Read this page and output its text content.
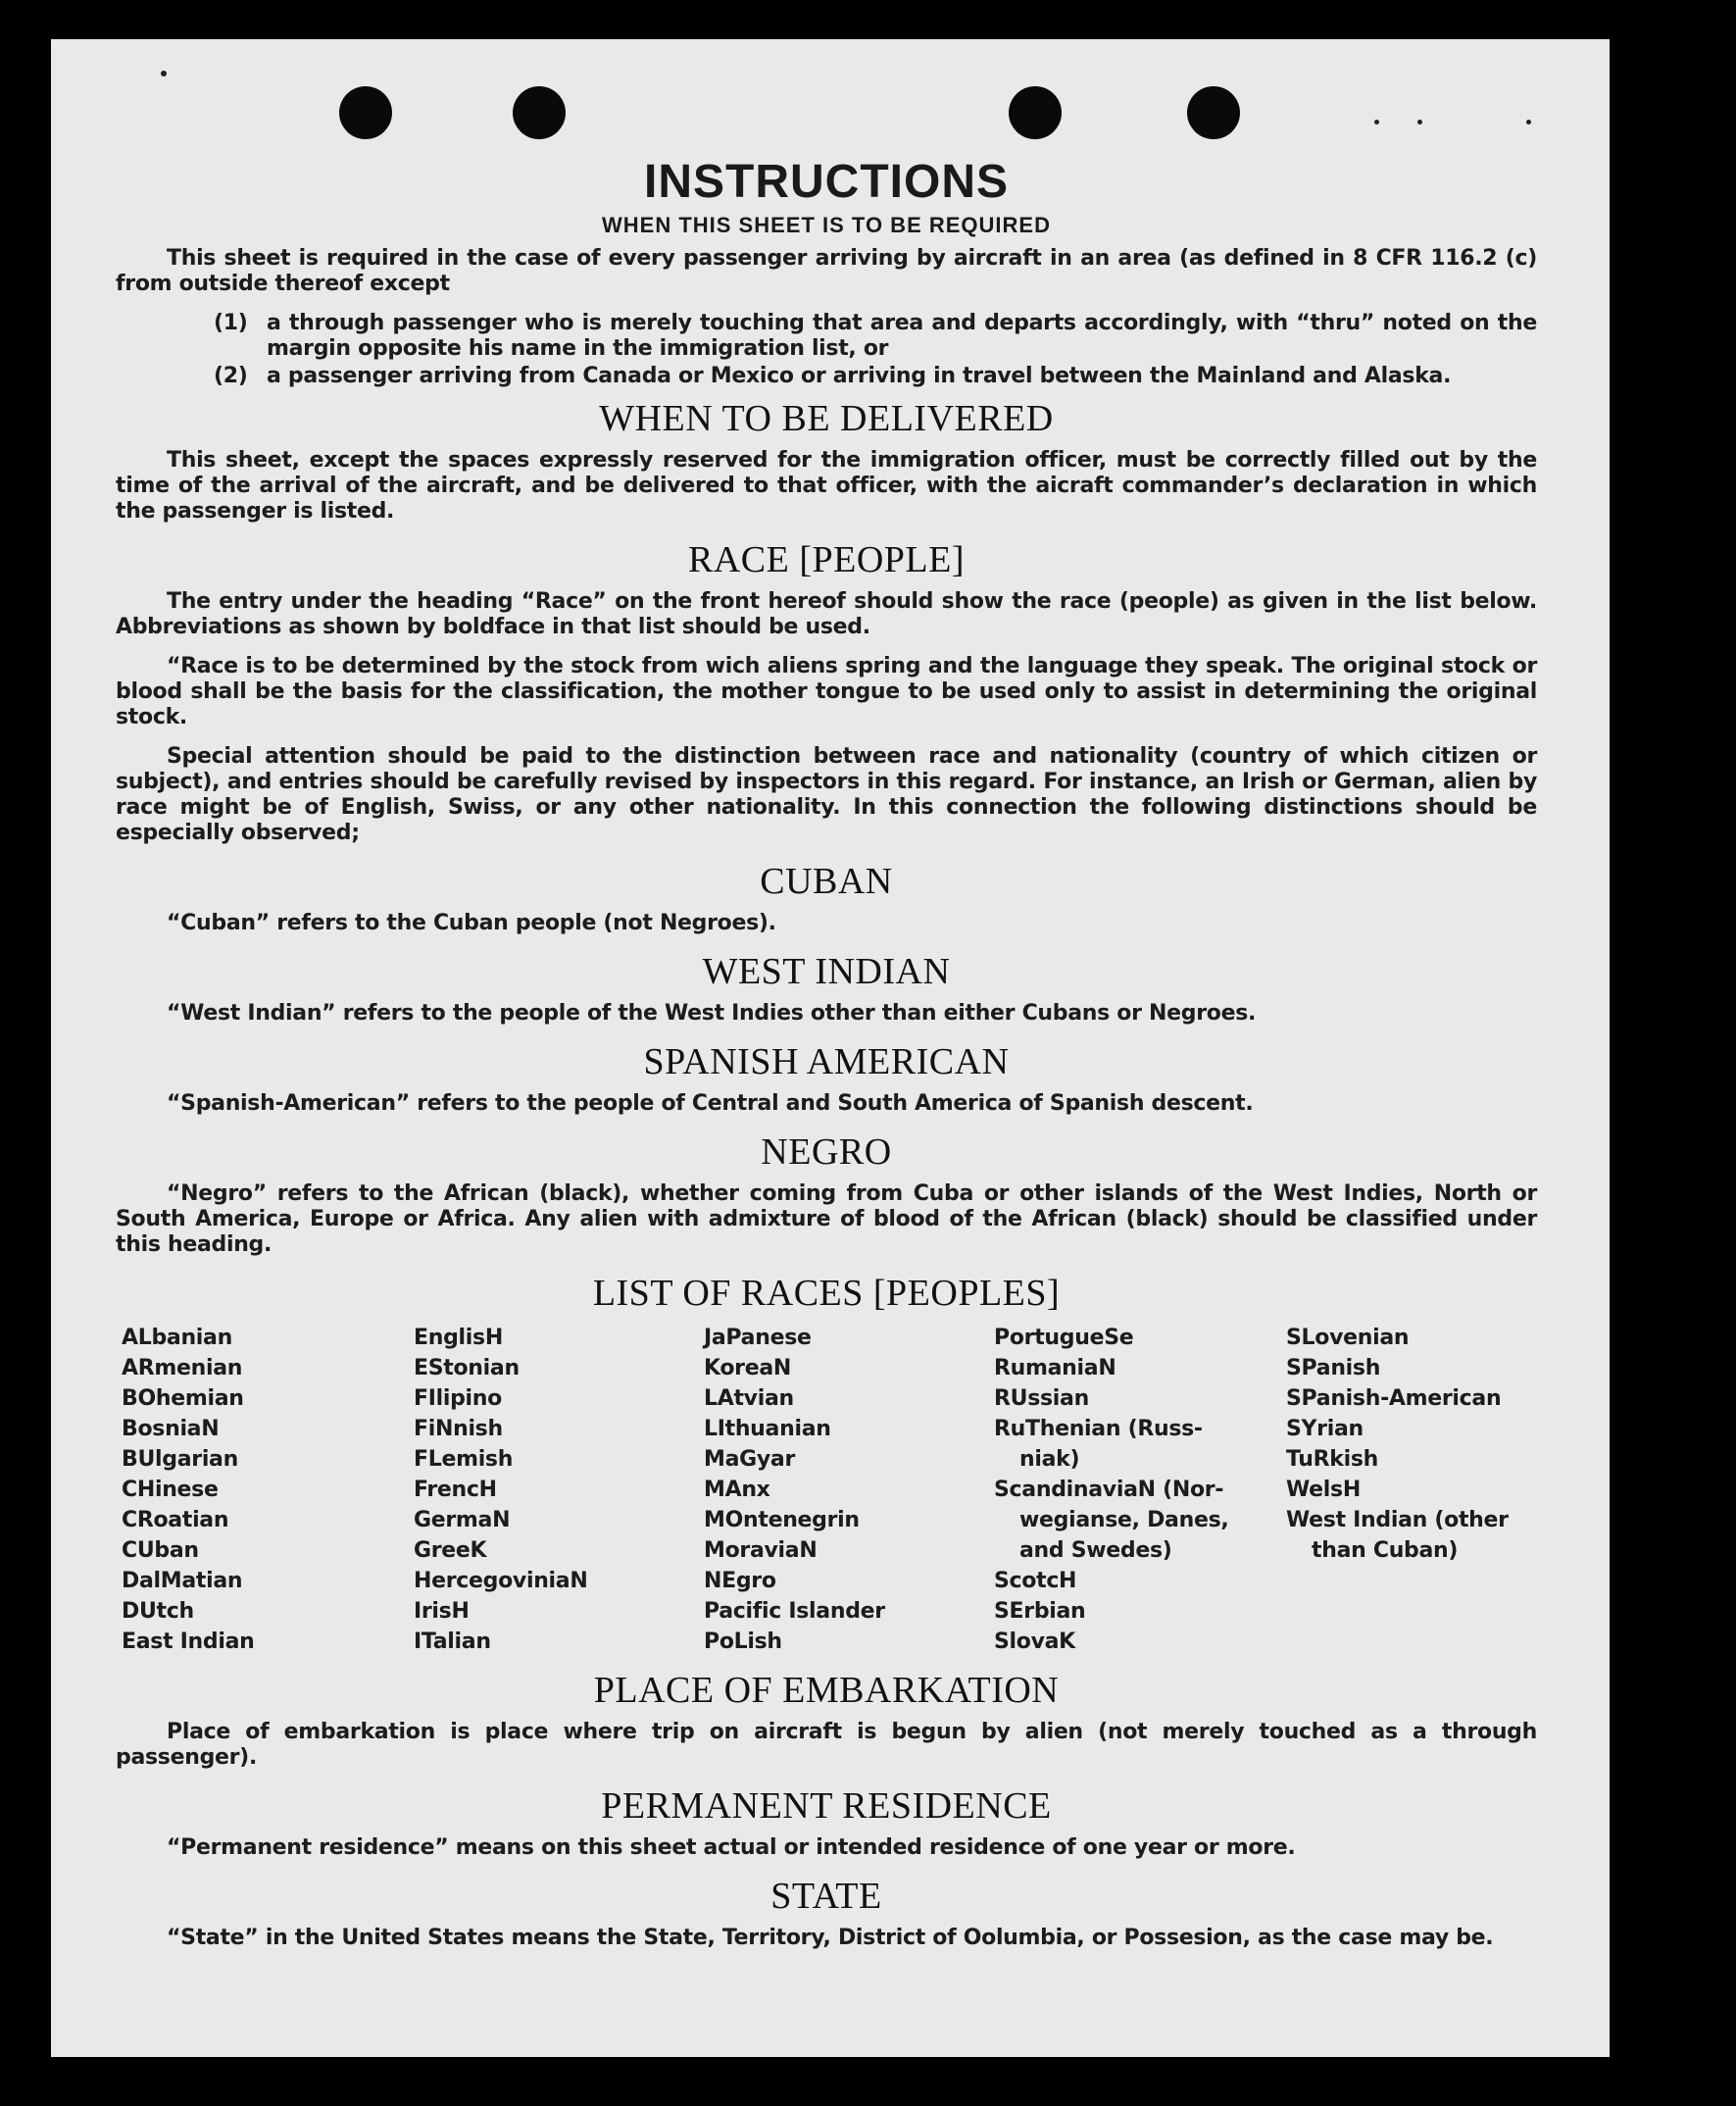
INSTRUCTIONS
WHEN THIS SHEET IS TO BE REQUIRED

This sheet is required in the case of every passenger arriving by aircraft in an area (as defined in 8 CFR 116.2 (c) from outside thereof except

(1) a through passenger who is merely touching that area and departs accordingly, with “thru” noted on the margin opposite his name in the immigration list, or
(2) a passenger arriving from Canada or Mexico or arriving in travel between the Mainland and Alaska.
WHEN TO BE DELIVERED

This sheet, except the spaces expressly reserved for the immigration officer, must be correctly filled out by the time of the arrival of the aircraft, and be delivered to that officer, with the aicraft commander’s declaration in which the passenger is listed.

RACE [PEOPLE]

The entry under the heading “Race” on the front hereof should show the race (people) as given in the list below. Abbreviations as shown by boldface in that list should be used.

“Race is to be determined by the stock from wich aliens spring and the language they speak. The original stock or blood shall be the basis for the classification, the mother tongue to be used only to assist in determining the original stock.

Special attention should be paid to the distinction between race and nationality (country of which citizen or subject), and entries should be carefully revised by inspectors in this regard. For instance, an Irish or German, alien by race might be of English, Swiss, or any other nationality. In this connection the following distinctions should be especially observed;

CUBAN

“Cuban” refers to the Cuban people (not Negroes).

WEST INDIAN

“West Indian” refers to the people of the West Indies other than either Cubans or Negroes.

SPANISH AMERICAN

“Spanish-American” refers to the people of Central and South America of Spanish descent.

NEGRO

“Negro” refers to the African (black), whether coming from Cuba or other islands of the West Indies, North or South America, Europe or Africa. Any alien with admixture of blood of the African (black) should be classified under this heading.

LIST OF RACES [PEOPLES]
ALbanian
ARmenian
BOhemian
BosniaN
BUlgarian
CHinese
CRoatian
CUban
DalMatian
DUtch
East Indian
EnglisH
EStonian
FIlipino
FiNnish
FLemish
FrencH
GermaN
GreeK
HercegoviniaN
IrisH
ITalian
JaPanese
KoreaN
LAtvian
LIthuanian
MaGyar
MAnx
MOntenegrin
MoraviaN
NEgro
Pacific Islander
PoLish
PortugueSe
RumaniaN
RUssian
RuThenian (Russ-
niak)
ScandinaviaN (Nor-
wegianse, Danes,
and Swedes)
ScotcH
SErbian
SlovaK
SLovenian
SPanish
SPanish-American
SYrian
TuRkish
WelsH
West Indian (other
than Cuban)
PLACE OF EMBARKATION

Place of embarkation is place where trip on aircraft is begun by alien (not merely touched as a through passenger).

PERMANENT RESIDENCE

“Permanent residence” means on this sheet actual or intended residence of one year or more.

STATE

“State” in the United States means the State, Territory, District of Oolumbia, or Possesion, as the case may be.
